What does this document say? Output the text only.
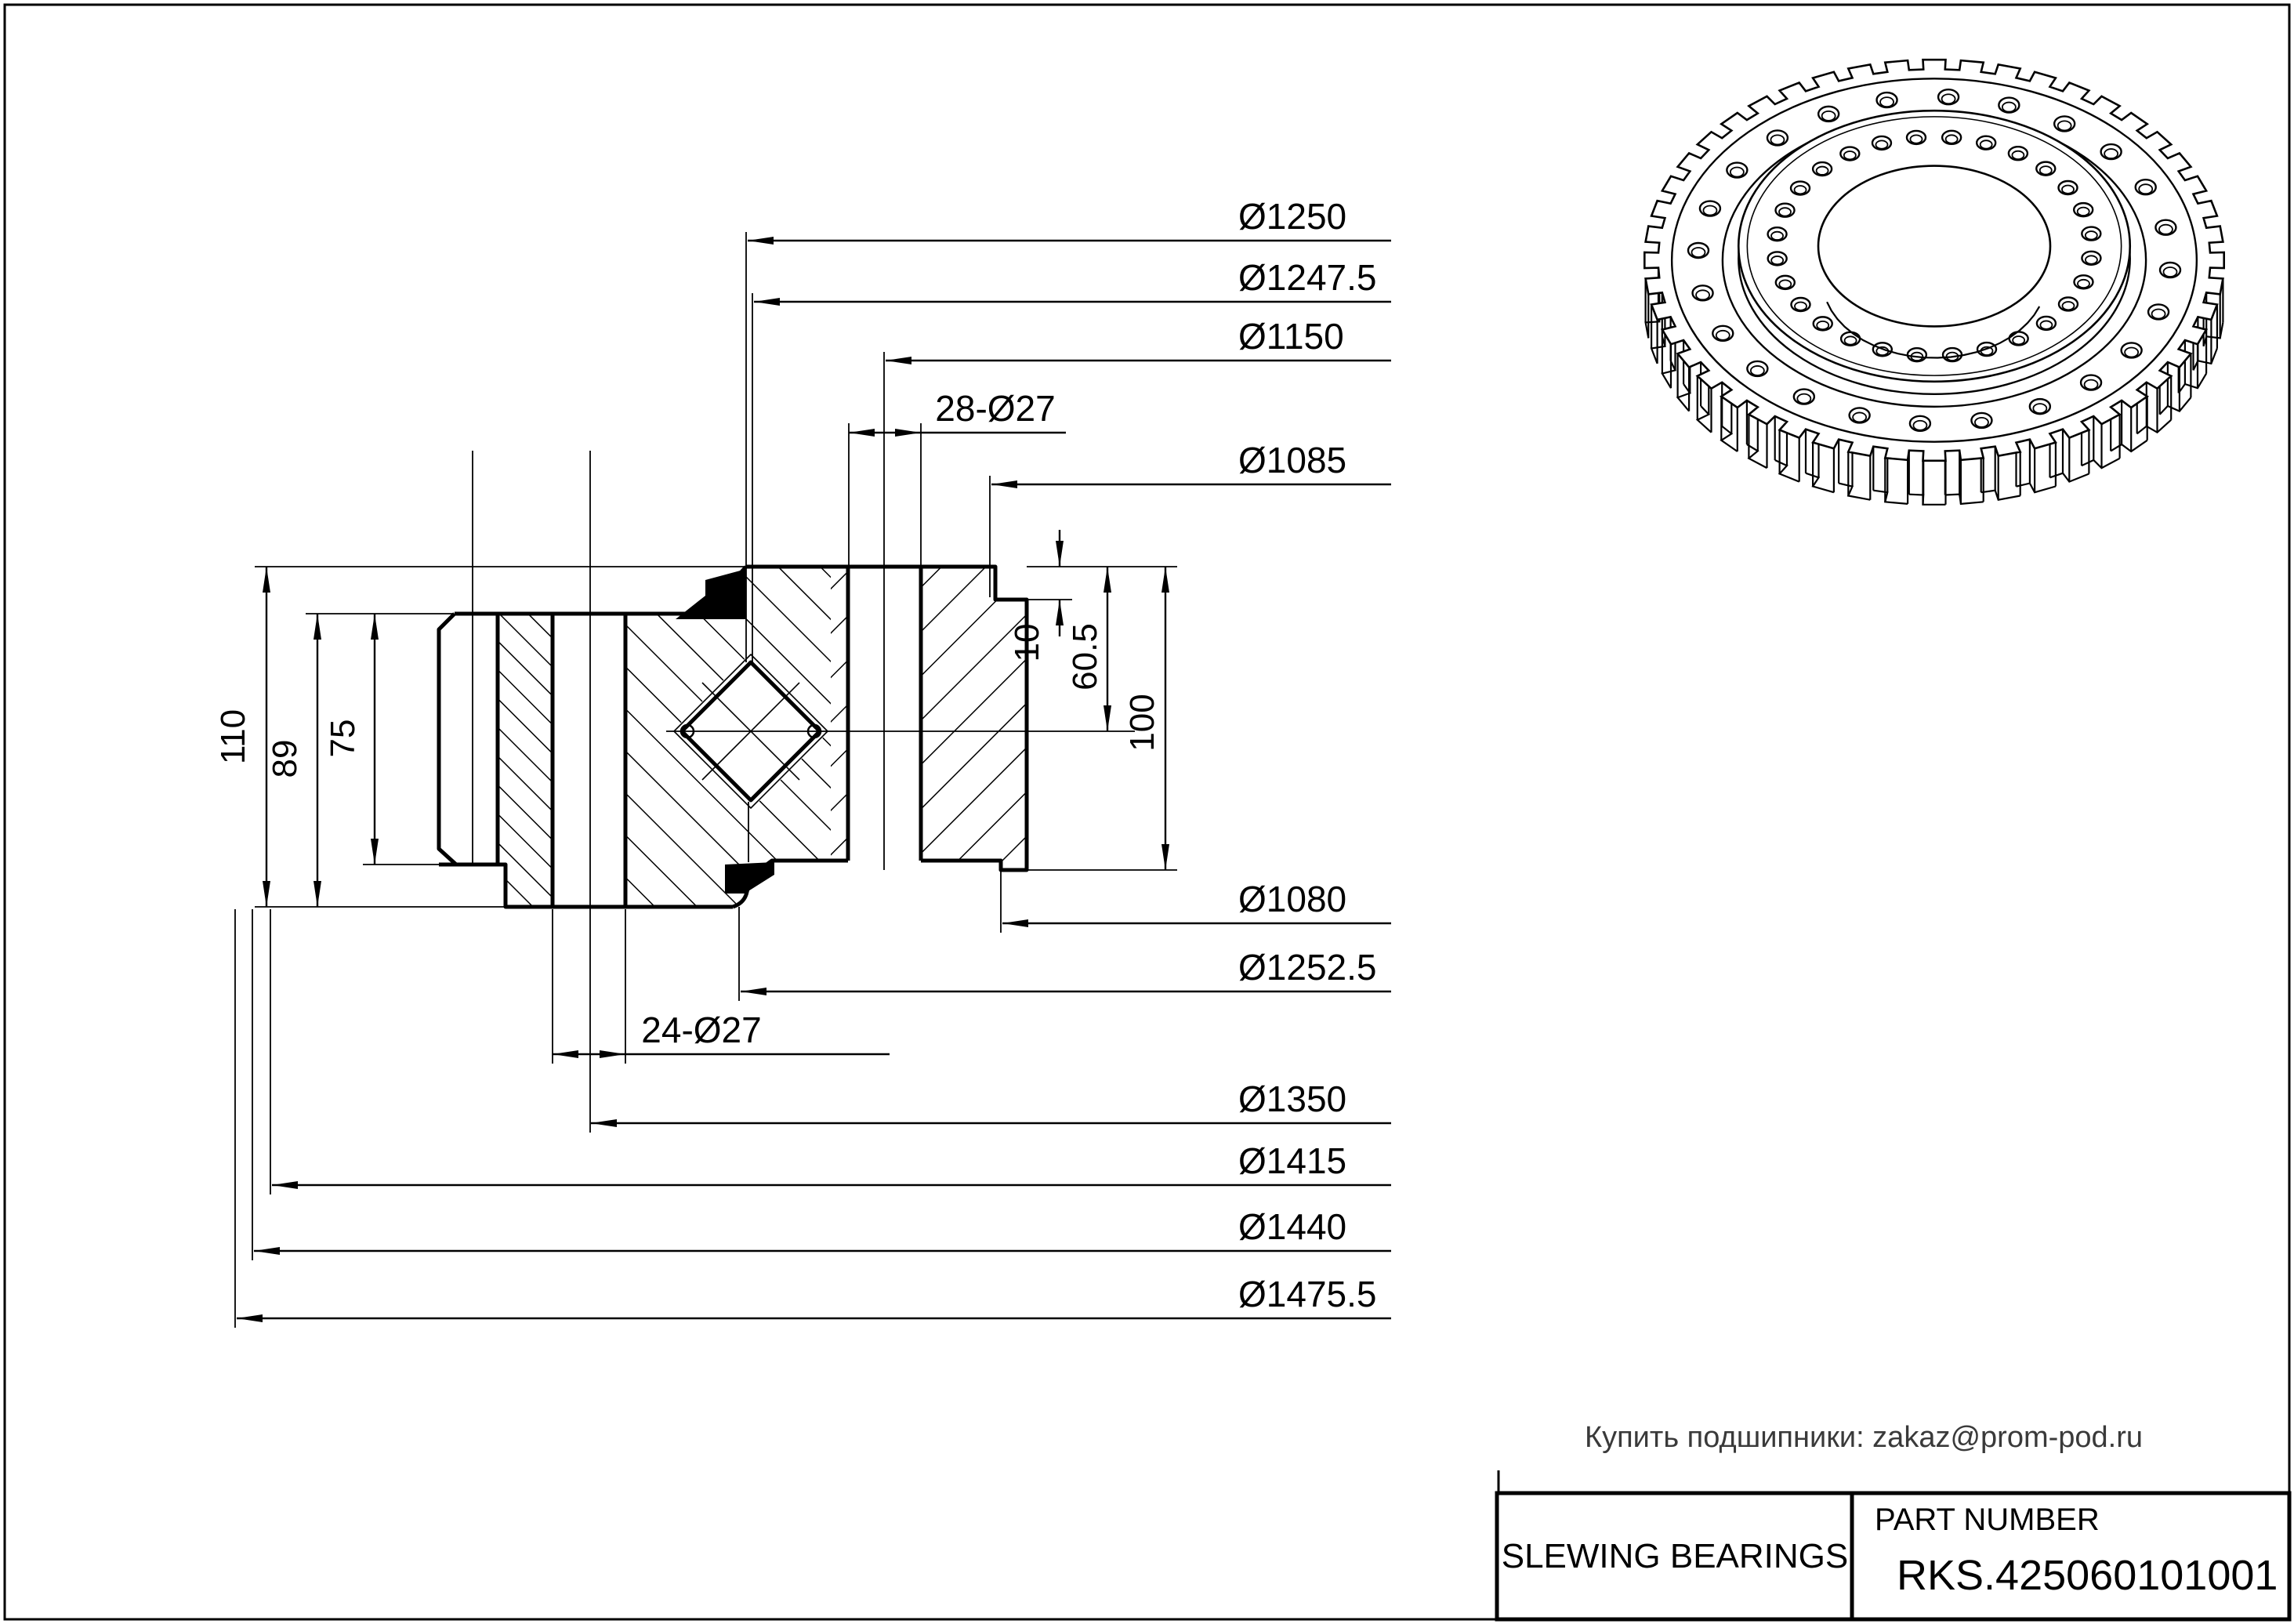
Ø1250
Ø1247.5
Ø1150
28-Ø27
Ø1085
110 89
75
10 60.5
100
Ø1080
Ø1252.5
24-Ø27
Ø1350
Ø1415
Ø1440
Ø1475.5
Купить подшипники: zakaz@prom-pod.ru
SLEWING BEARINGS
PART NUMBER
RKS.425060101001
